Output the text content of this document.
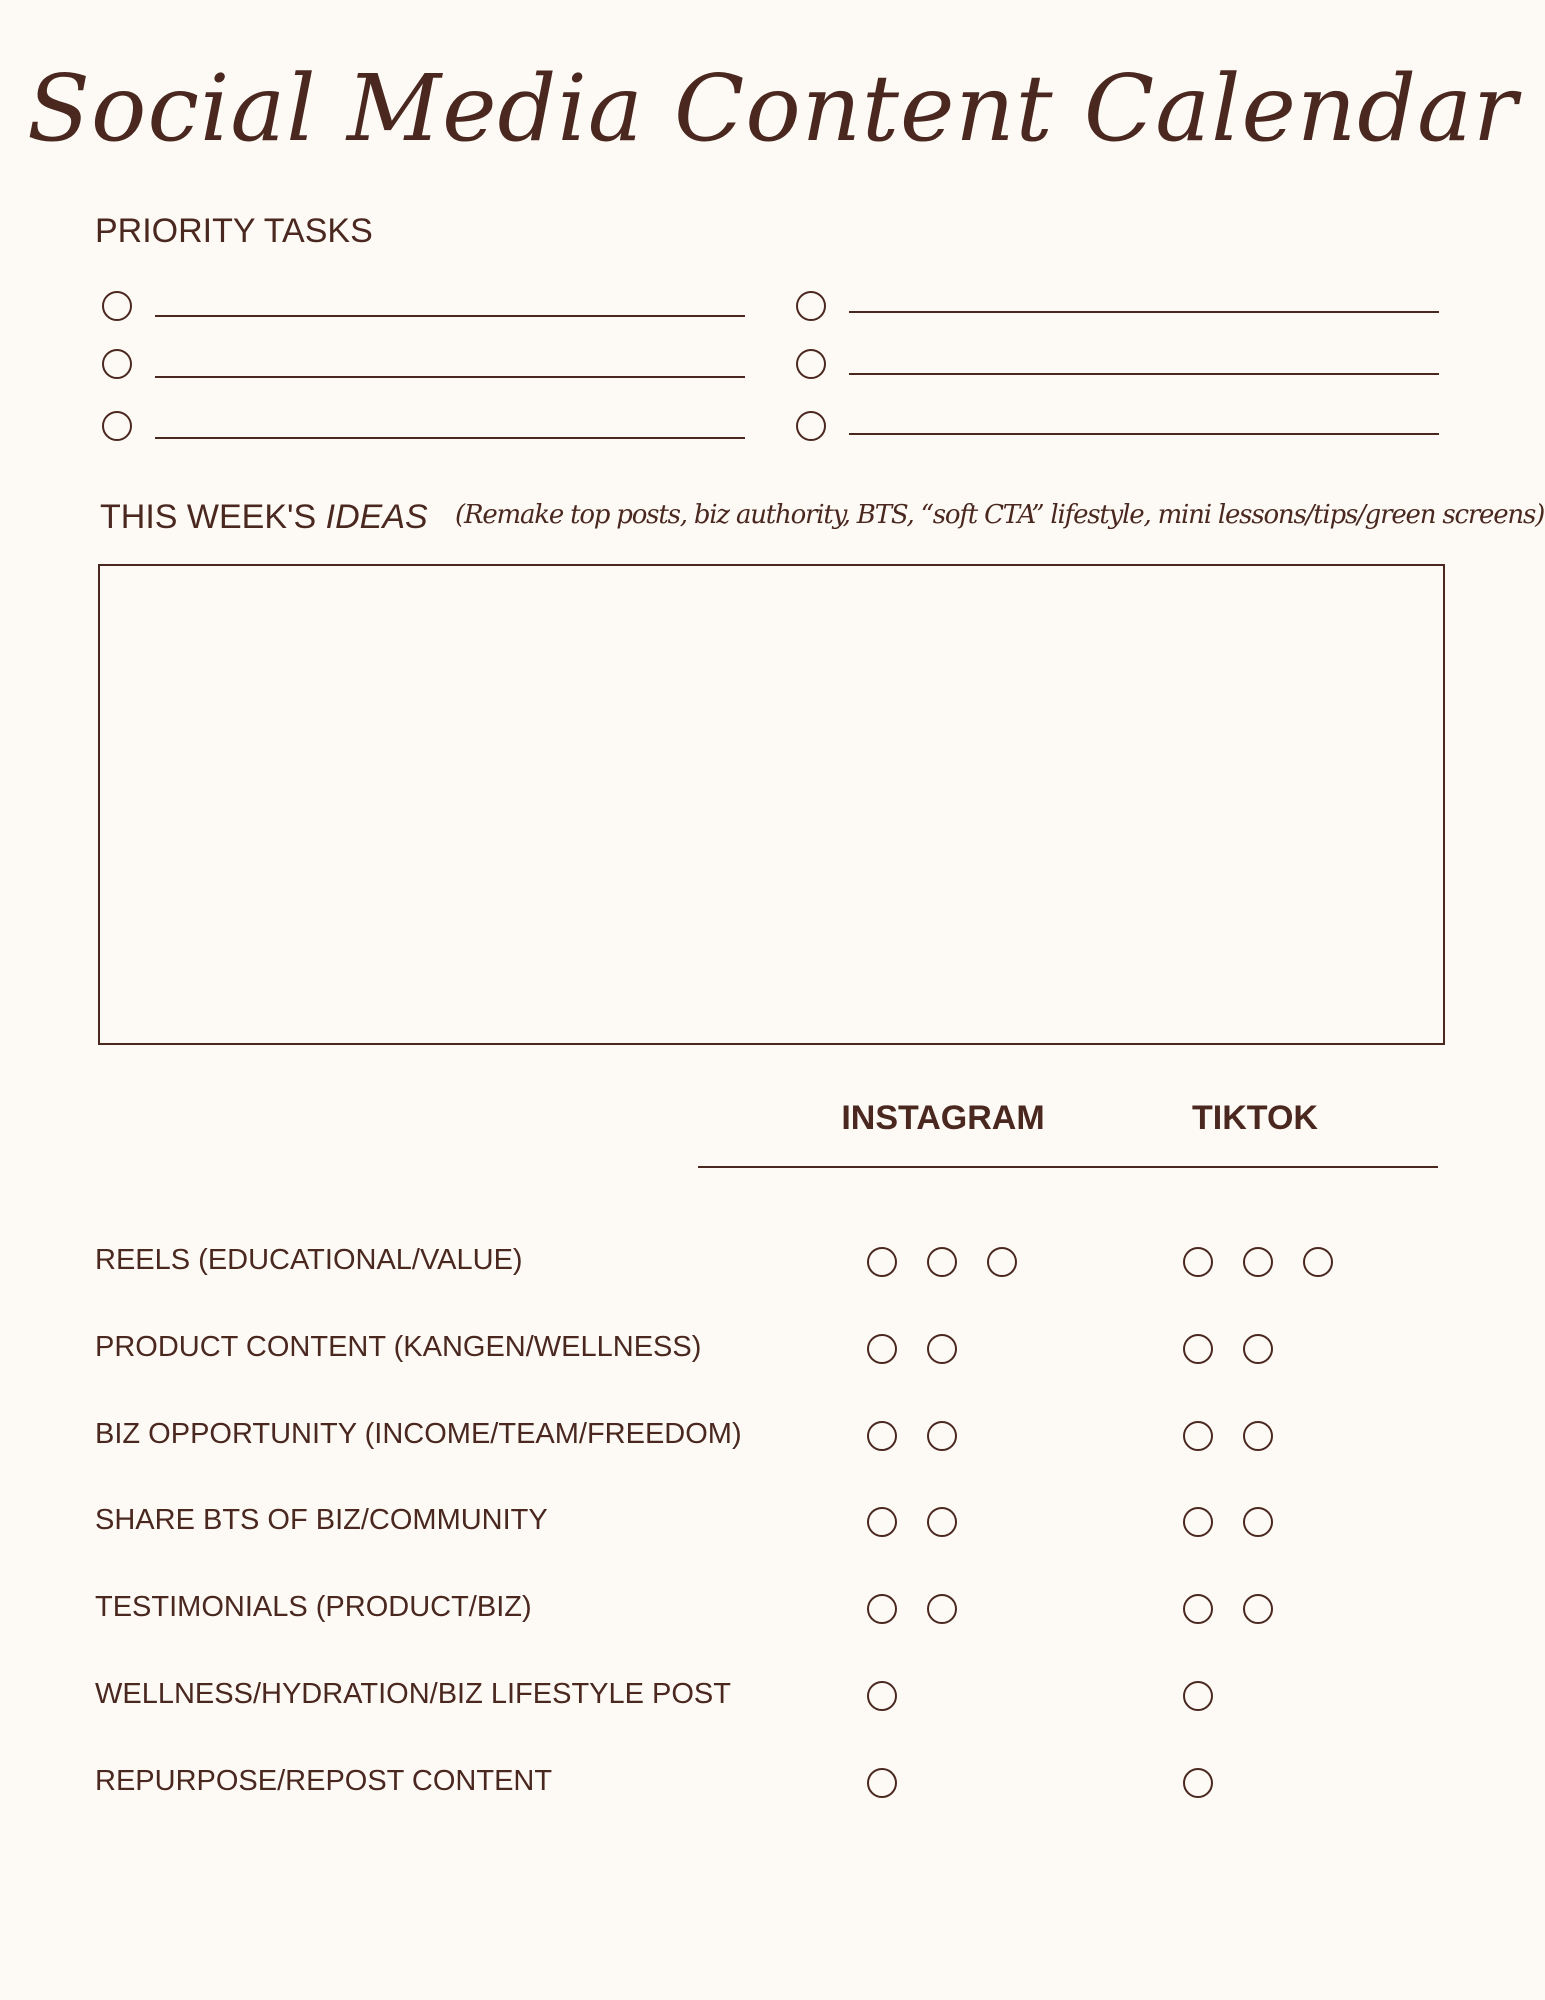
Social Media Content Calendar
PRIORITY TASKS
THIS WEEK'S IDEAS (Remake top posts, biz authority, BTS, “soft CTA” lifestyle, mini lessons/tips/green screens)
INSTAGRAM	TIKTOK
REELS (EDUCATIONAL/VALUE)
PRODUCT CONTENT (KANGEN/WELLNESS)
BIZ OPPORTUNITY (INCOME/TEAM/FREEDOM)
SHARE BTS OF BIZ/COMMUNITY
TESTIMONIALS (PRODUCT/BIZ)
WELLNESS/HYDRATION/BIZ LIFESTYLE POST
REPURPOSE/REPOST CONTENT
